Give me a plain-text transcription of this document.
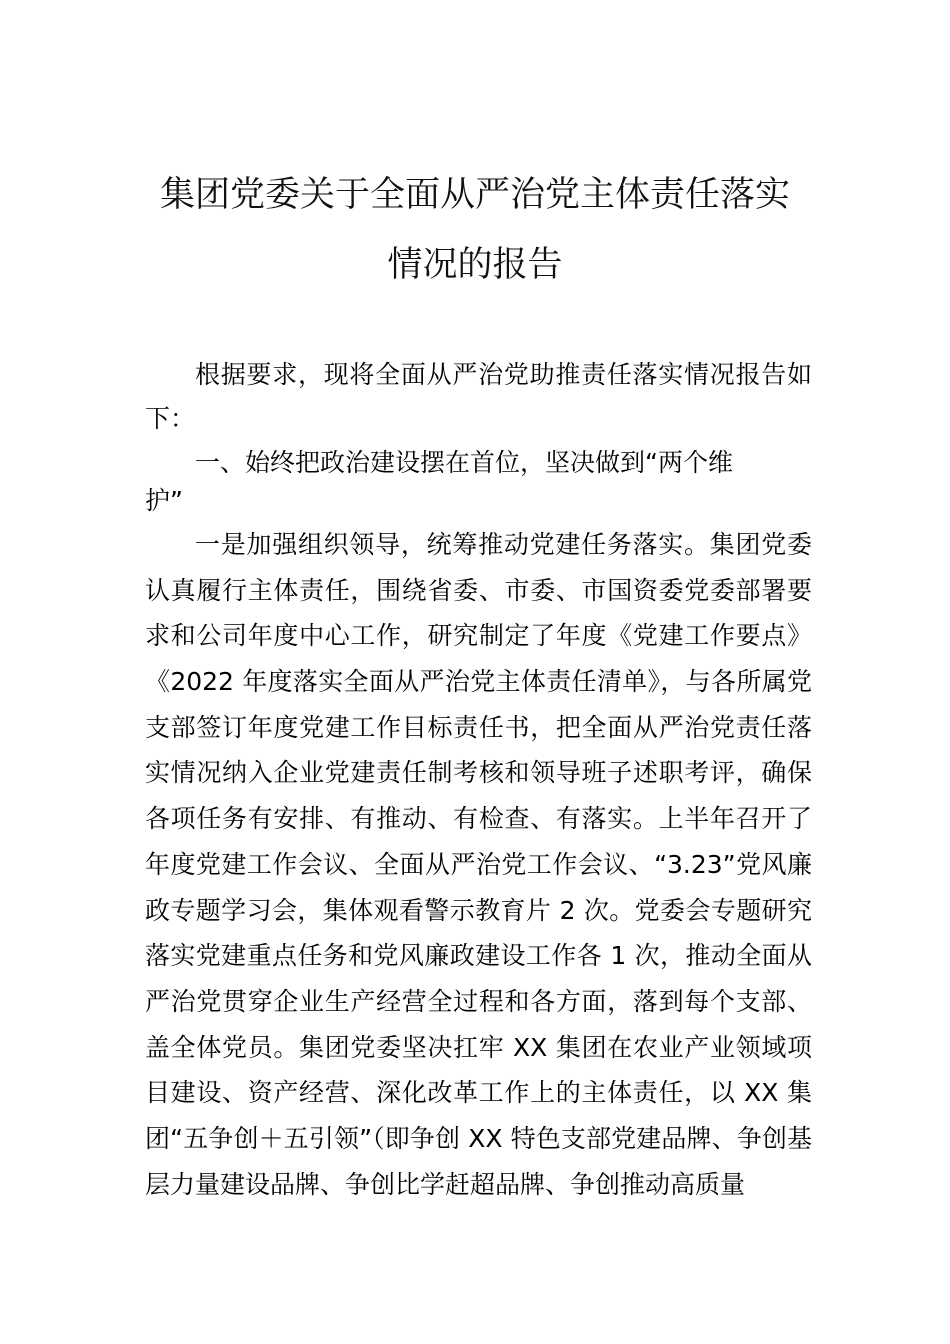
集团党委关于全面从严治党主体责任落实
情况的报告
根据要求，现将全面从严治党助推责任落实情况报告如
下：
一、始终把政治建设摆在首位，坚决做到“两个维
护”
一是加强组织领导，统筹推动党建任务落实。集团党委
认真履行主体责任，围绕省委、市委、市国资委党委部署要
求和公司年度中心工作，研究制定了年度《党建工作要点》
《2022 年度落实全面从严治党主体责任清单》，与各所属党
支部签订年度党建工作目标责任书，把全面从严治党责任落
实情况纳入企业党建责任制考核和领导班子述职考评，确保
各项任务有安排、有推动、有检查、有落实。上半年召开了
年度党建工作会议、全面从严治党工作会议、“3.23”党风廉
政专题学习会，集体观看警示教育片 2 次。党委会专题研究
落实党建重点任务和党风廉政建设工作各 1 次，推动全面从
严治党贯穿企业生产经营全过程和各方面，落到每个支部、
盖全体党员。集团党委坚决扛牢 XX 集团在农业产业领域项
目建设、资产经营、深化改革工作上的主体责任，以 XX 集
团“五争创＋五引领”（即争创 XX 特色支部党建品牌、争创基
层力量建设品牌、争创比学赶超品牌、争创推动高质量
